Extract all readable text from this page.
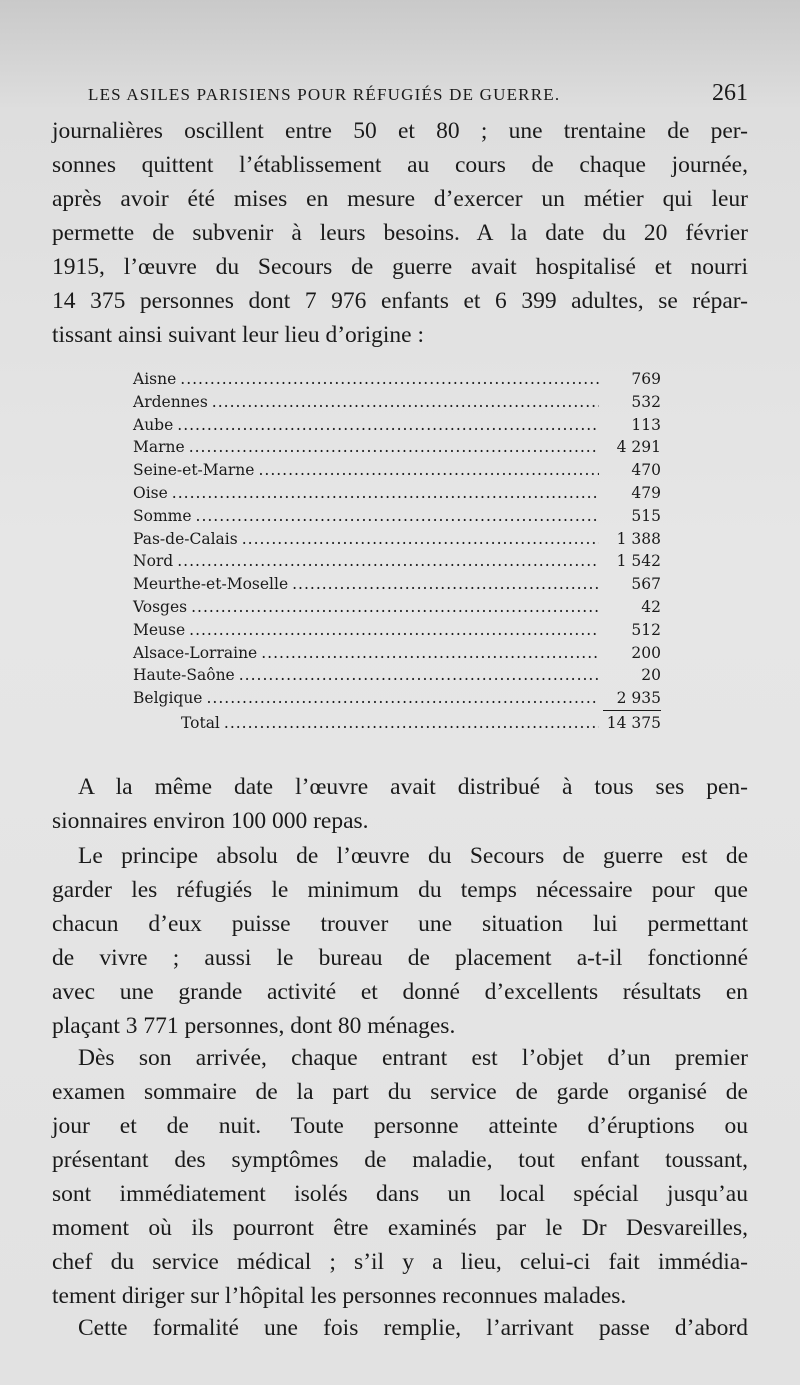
LES ASILES PARISIENS POUR RÉFUGIÉS DE GUERRE.	261
journalières oscillent entre 50 et 80 ; une trentaine de per-
sonnes quittent l’établissement au cours de chaque journée,
après avoir été mises en mesure d’exercer un métier qui leur
permette de subvenir à leurs besoins. A la date du 20 février
1915, l’œuvre du Secours de guerre avait hospitalisé et nourri
14 375 personnes dont 7 976 enfants et 6 399 adultes, se répar-
tissant ainsi suivant leur lieu d’origine :
Aisne .....	769
Ardennes .....	532
Aube .....	113
Marne .....	4 291
Seine-et-Marne .....	470
Oise .....	479
Somme .....	515
Pas-de-Calais .....	1 388
Nord .....	1 542
Meurthe-et-Moselle .....	567
Vosges .....	42
Meuse .....	512
Alsace-Lorraine .....	200
Haute-Saône .....	20
Belgique .....	2 935
Total .....	14 375
A la même date l’œuvre avait distribué à tous ses pen-
sionnaires environ 100 000 repas.
Le principe absolu de l’œuvre du Secours de guerre est de
garder les réfugiés le minimum du temps nécessaire pour que
chacun d’eux puisse trouver une situation lui permettant
de vivre ; aussi le bureau de placement a-t-il fonctionné
avec une grande activité et donné d’excellents résultats en
plaçant 3 771 personnes, dont 80 ménages.
Dès son arrivée, chaque entrant est l’objet d’un premier
examen sommaire de la part du service de garde organisé de
jour et de nuit. Toute personne atteinte d’éruptions ou
présentant des symptômes de maladie, tout enfant toussant,
sont immédiatement isolés dans un local spécial jusqu’au
moment où ils pourront être examinés par le Dr Desvareilles,
chef du service médical ; s’il y a lieu, celui-ci fait immédia-
tement diriger sur l’hôpital les personnes reconnues malades.
Cette formalité une fois remplie, l’arrivant passe d’abord
